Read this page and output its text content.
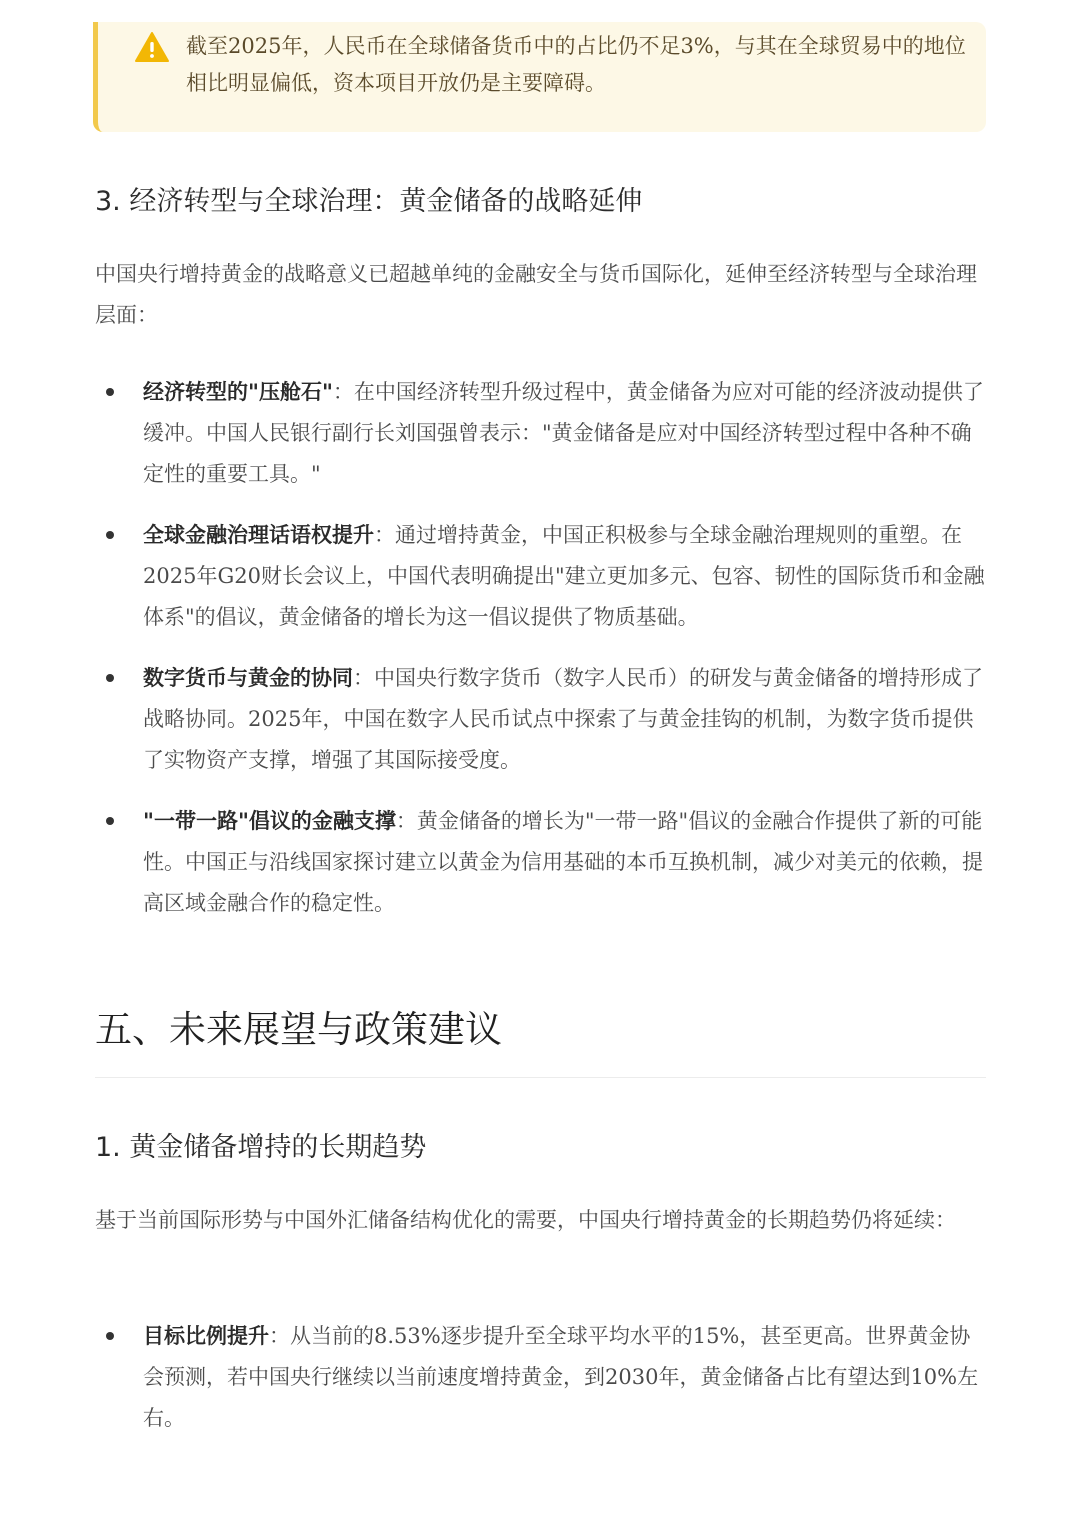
截至2025年，人民币在全球储备货币中的占比仍不足3%，与其在全球贸易中的地位相比明显偏低，资本项目开放仍是主要障碍。
3. 经济转型与全球治理：黄金储备的战略延伸
中国央行增持黄金的战略意义已超越单纯的金融安全与货币国际化，延伸至经济转型与全球治理层面：
经济转型的"压舱石"：在中国经济转型升级过程中，黄金储备为应对可能的经济波动提供了缓冲。中国人民银行副行长刘国强曾表示："黄金储备是应对中国经济转型过程中各种不确定性的重要工具。"
全球金融治理话语权提升：通过增持黄金，中国正积极参与全球金融治理规则的重塑。在2025年G20财长会议上，中国代表明确提出"建立更加多元、包容、韧性的国际货币和金融体系"的倡议，黄金储备的增长为这一倡议提供了物质基础。
数字货币与黄金的协同：中国央行数字货币（数字人民币）的研发与黄金储备的增持形成了战略协同。2025年，中国在数字人民币试点中探索了与黄金挂钩的机制，为数字货币提供了实物资产支撑，增强了其国际接受度。
"一带一路"倡议的金融支撑：黄金储备的增长为"一带一路"倡议的金融合作提供了新的可能性。中国正与沿线国家探讨建立以黄金为信用基础的本币互换机制，减少对美元的依赖，提高区域金融合作的稳定性。
五、未来展望与政策建议
1. 黄金储备增持的长期趋势
基于当前国际形势与中国外汇储备结构优化的需要，中国央行增持黄金的长期趋势仍将延续：
目标比例提升：从当前的8.53%逐步提升至全球平均水平的15%，甚至更高。世界黄金协会预测，若中国央行继续以当前速度增持黄金，到2030年，黄金储备占比有望达到10%左右。
